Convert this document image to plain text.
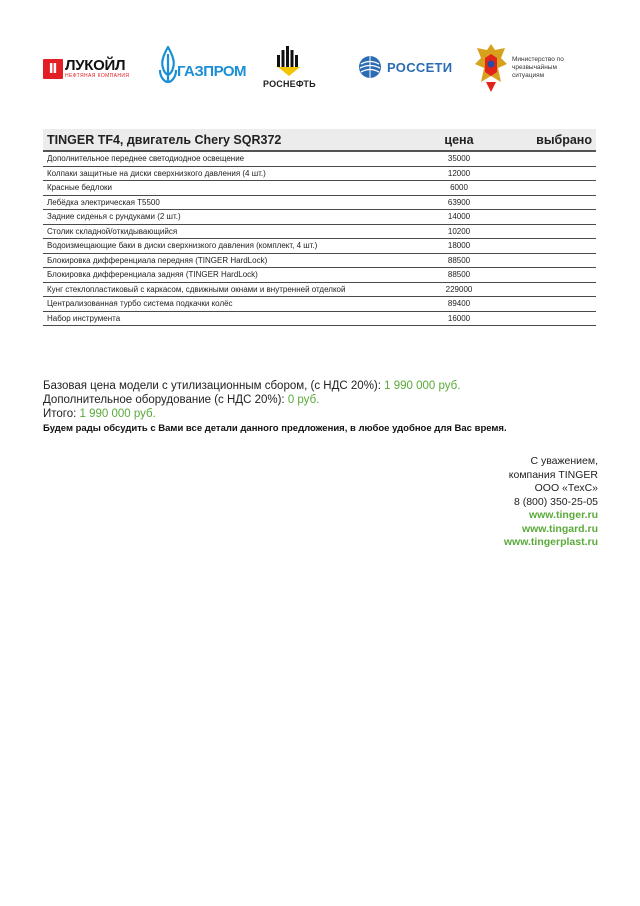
Ⅱ ЛУКОЙЛ
НЕФТЯНАЯ КОМПАНИЯ	ГАЗПРОМ
РОСНЕФТЬ
РОССЕТИ	Министерство по чрезвычайным ситуациям
TINGER TF4, двигатель Chery SQR372	цена	выбрано
Дополнительное переднее светодиодное освещение	35000	
Колпаки защитные на диски сверхнизкого давления (4 шт.)	12000	
Красные бедлоки	6000	
Лебёдка электрическая T5500	63900	
Задние сиденья с рундуками (2 шт.)	14000	
Столик складной/откидывающийся	10200	
Водоизмещающие баки в диски сверхнизкого давления (комплект, 4 шт.)	18000	
Блокировка дифференциала передняя (TINGER HardLock)	88500	
Блокировка дифференциала задняя (TINGER HardLock)	88500	
Кунг стеклопластиковый с каркасом, сдвижными окнами и внутренней отделкой	229000	
Централизованная турбо система подкачки колёс	89400	
Набор инструмента	16000	
Базовая цена модели с утилизационным сбором, (с НДС 20%): 1 990 000 руб.
Дополнительное оборудование (с НДС 20%): 0 руб.
Итого: 1 990 000 руб.
Будем рады обсудить с Вами все детали данного предложения, в любое удобное для Вас время.
С уважением,
компания TINGER
ООО «ТехС»
8 (800) 350-25-05
www.tinger.ru
www.tingard.ru
www.tingerplast.ru
